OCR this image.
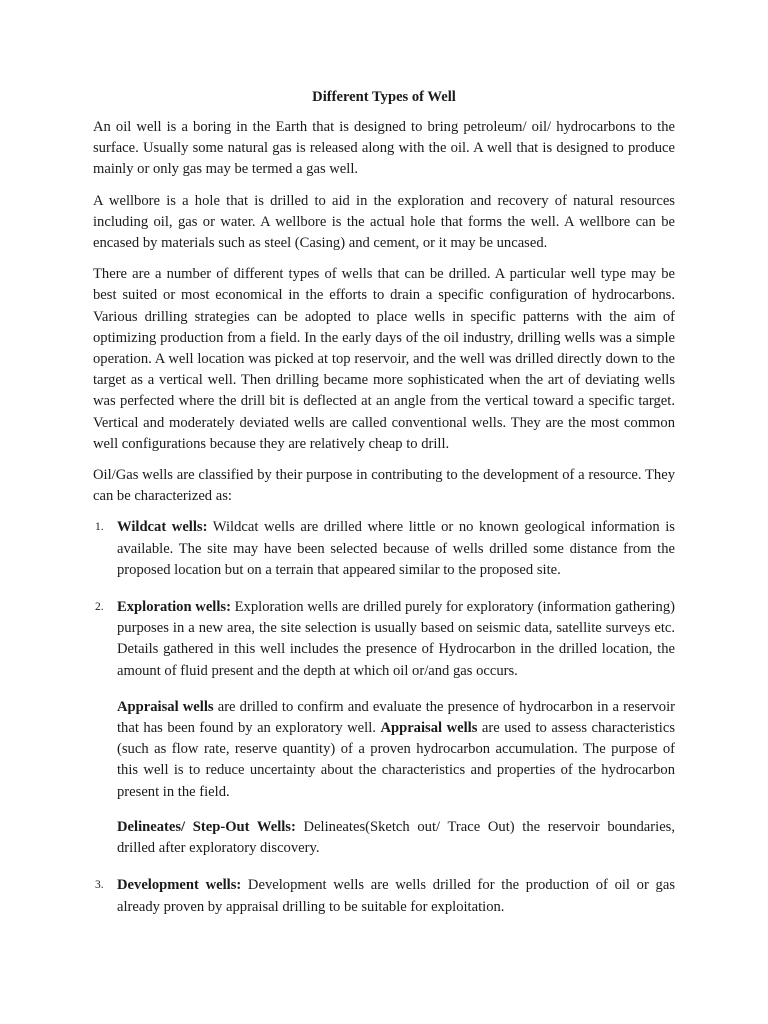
Different Types of Well

An oil well is a boring in the Earth that is designed to bring petroleum/ oil/ hydrocarbons to the surface. Usually some natural gas is released along with the oil. A well that is designed to produce mainly or only gas may be termed a gas well.

A wellbore is a hole that is drilled to aid in the exploration and recovery of natural resources including oil, gas or water. A wellbore is the actual hole that forms the well. A wellbore can be encased by materials such as steel (Casing) and cement, or it may be uncased.

There are a number of different types of wells that can be drilled. A particular well type may be best suited or most economical in the efforts to drain a specific configuration of hydrocarbons. Various drilling strategies can be adopted to place wells in specific patterns with the aim of optimizing production from a field. In the early days of the oil industry, drilling wells was a simple operation. A well location was picked at top reservoir, and the well was drilled directly down to the target as a vertical well. Then drilling became more sophisticated when the art of deviating wells was perfected where the drill bit is deflected at an angle from the vertical toward a specific target. Vertical and moderately deviated wells are called conventional wells. They are the most common well configurations because they are relatively cheap to drill.

Oil/Gas wells are classified by their purpose in contributing to the development of a resource. They can be characterized as:

1. Wildcat wells: Wildcat wells are drilled where little or no known geological information is available. The site may have been selected because of wells drilled some distance from the proposed location but on a terrain that appeared similar to the proposed site.
2. Exploration wells: Exploration wells are drilled purely for exploratory (information gathering) purposes in a new area, the site selection is usually based on seismic data, satellite surveys etc. Details gathered in this well includes the presence of Hydrocarbon in the drilled location, the amount of fluid present and the depth at which oil or/and gas occurs.

Appraisal wells are drilled to confirm and evaluate the presence of hydrocarbon in a reservoir that has been found by an exploratory well. Appraisal wells are used to assess characteristics (such as flow rate, reserve quantity) of a proven hydrocarbon accumulation. The purpose of this well is to reduce uncertainty about the characteristics and properties of the hydrocarbon present in the field.

Delineates/ Step-Out Wells: Delineates(Sketch out/ Trace Out) the reservoir boundaries, drilled after exploratory discovery.

3. Development wells: Development wells are wells drilled for the production of oil or gas already proven by appraisal drilling to be suitable for exploitation.
